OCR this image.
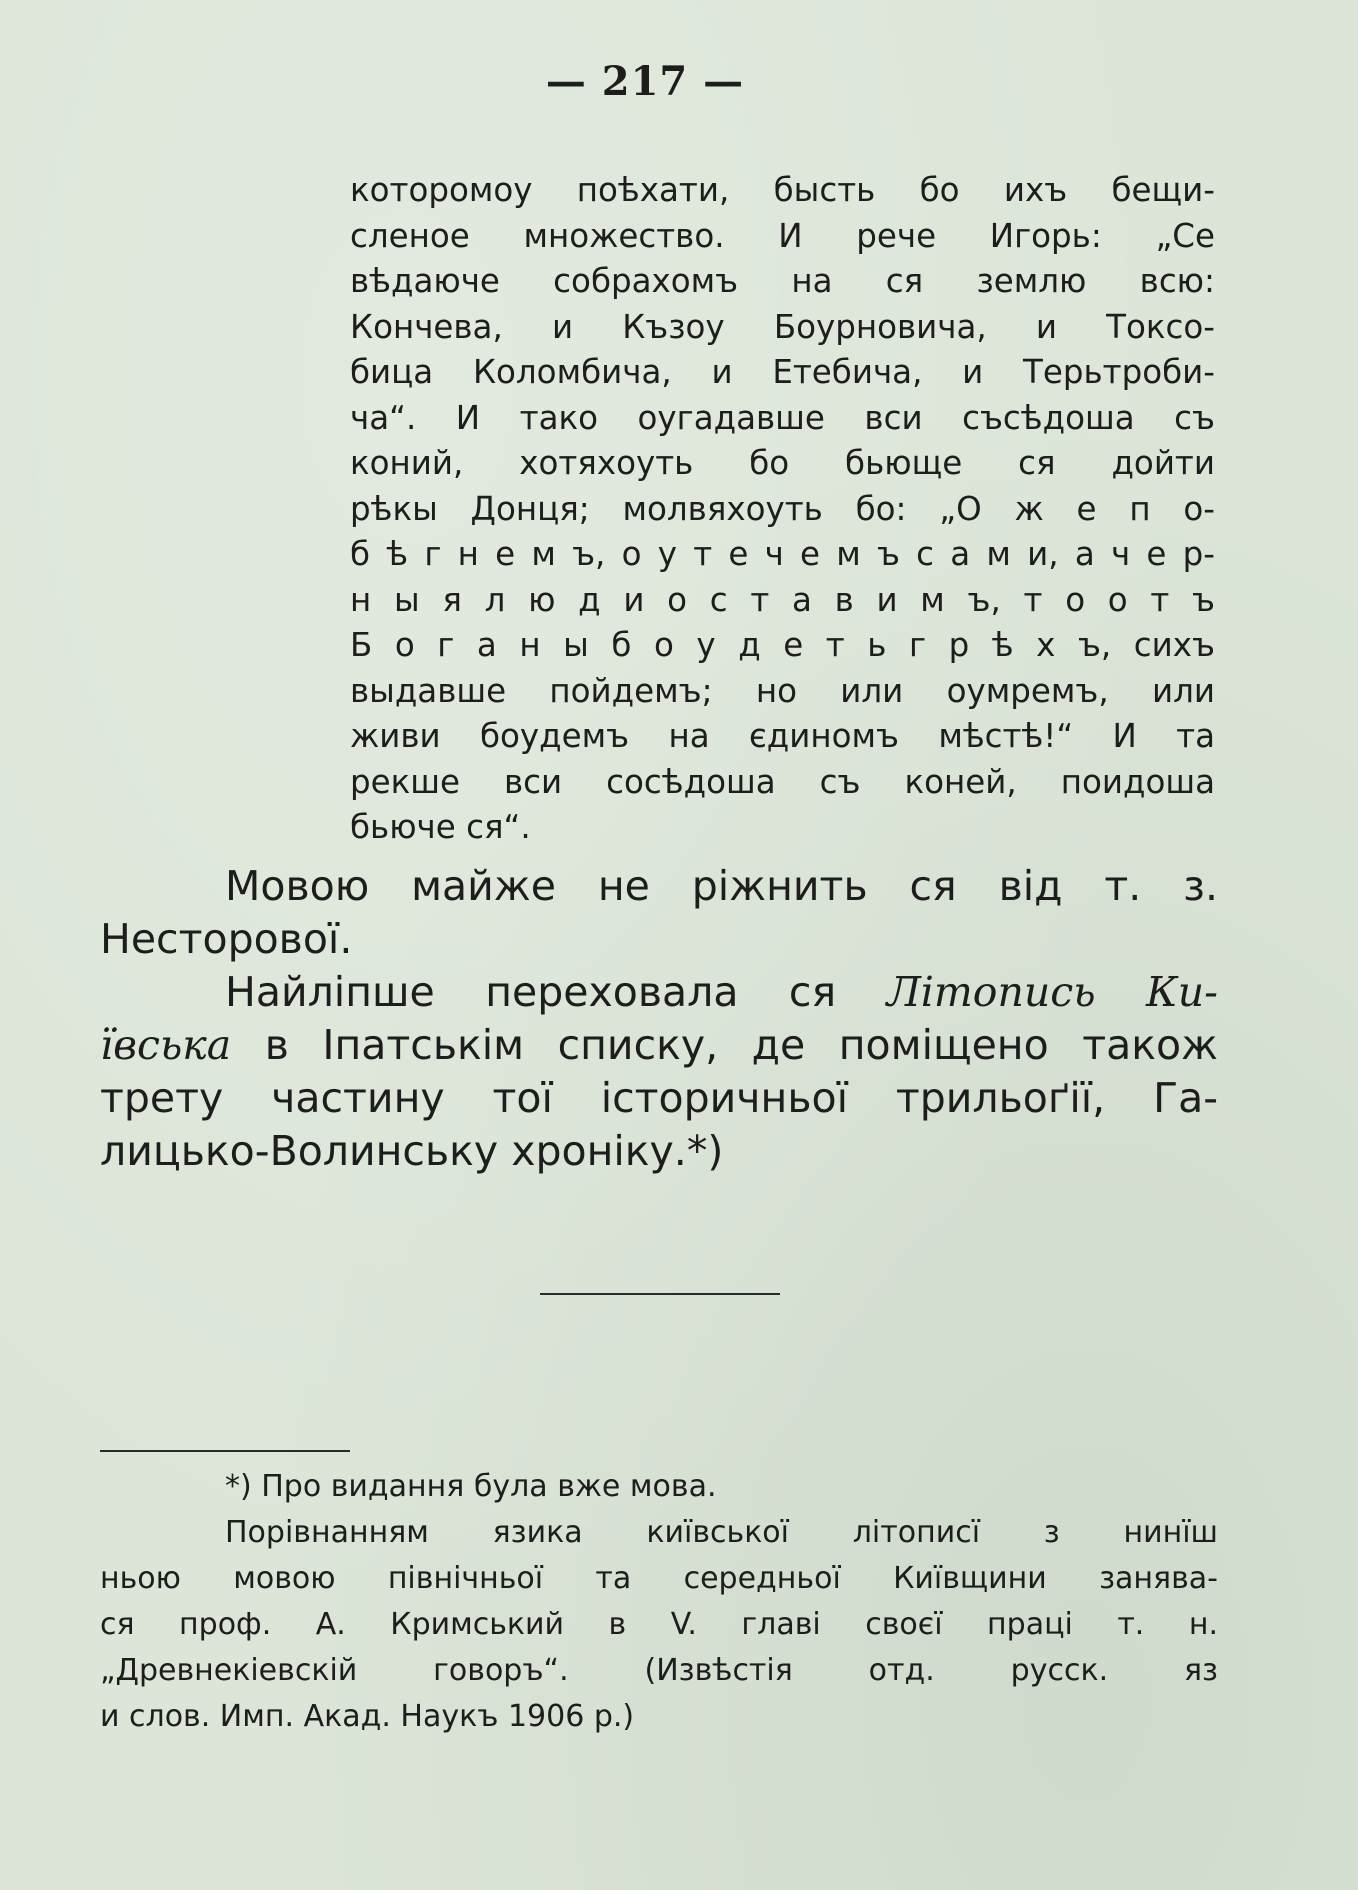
— 217 —
которомоу поѣхати, бысть бо ихъ бещи-
сленое множество. И рече Игорь: „Се
вѣдаюче собрахомъ на ся землю всю:
Кончева, и Къзоу Боурновича, и Токсо-
бица Коломбича, и Етебича, и Терьтроби-
ча“. И тако оугадавше вси съсѣдоша съ
коний, хотяхоуть бо бьюще ся дойти
рѣкы Донця; молвяхоуть бо: „О ж е п о-
б ѣ г н е м ъ, о у т е ч е м ъ с а м и, а ч е р-
н ы я л ю д и о с т а в и м ъ, т о о т ъ
Б о г а н ы б о у д е т ь г р ѣ х ъ, сихъ
выдавше пойдемъ; но или оумремъ, или
живи боудемъ на єдиномъ мѣстѣ!“ И та
рекше вси сосѣдоша съ коней, поидоша
бьюче ся“.
Мовою майже не ріжнить ся від т. з.
Несторової.
Найліпше переховала ся Літопись Ки-
ївська в Іпатськім списку, де поміщено також
трету частину тої історичньої трильоґії, Га-
лицько-Волинську хроніку.*)
*) Про видання була вже мова.
Порівнанням язика київської літописї з нинїш
ньою мовою північньої та середньої Київщини занява-
ся проф. А. Кримський в V. главі своєї праці т. н.
„Древнекіевскій говоръ“. (Извѣстія отд. русск. яз
и слов. Имп. Акад. Наукъ 1906 р.)
